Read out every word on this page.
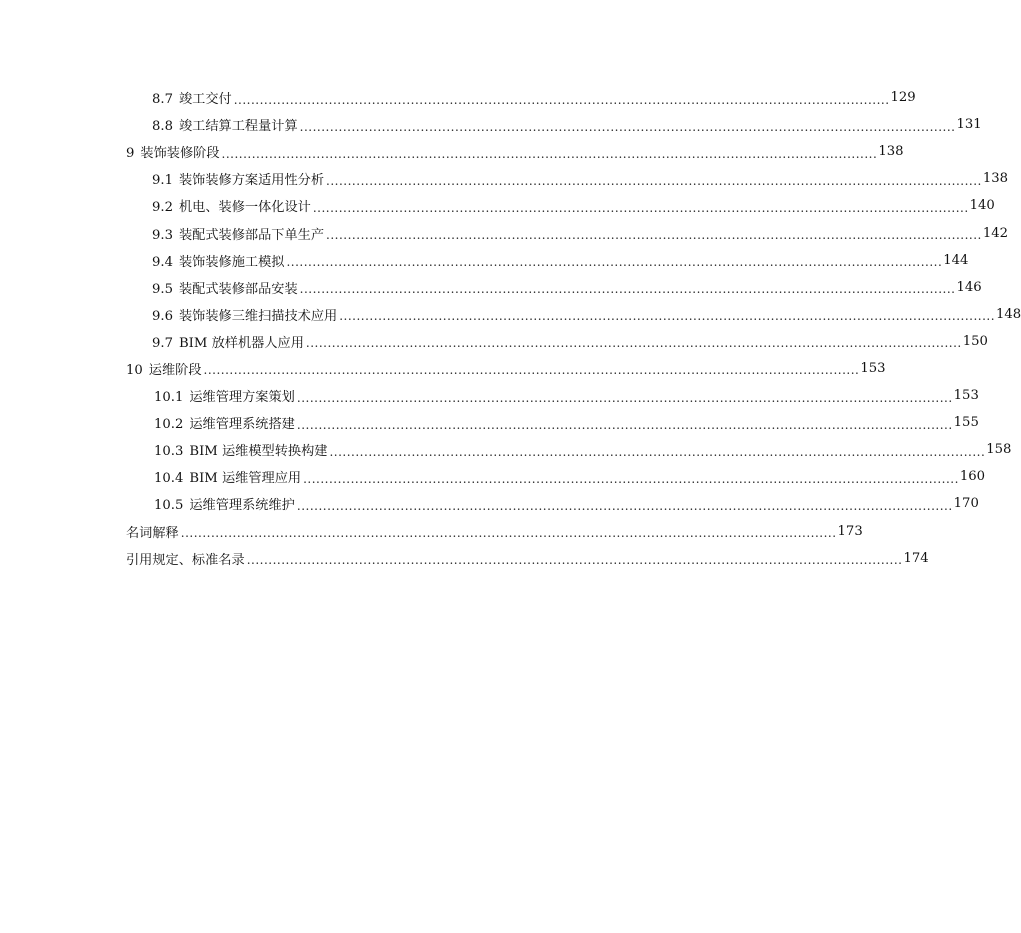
8.7 竣工交付 ........................................................................................................................................................ 129
8.8 竣工结算工程量计算 ........................................................................................................................................................ 131
9 装饰装修阶段 ........................................................................................................................................................ 138
9.1 装饰装修方案适用性分析 ........................................................................................................................................................ 138
9.2 机电、装修一体化设计 ........................................................................................................................................................ 140
9.3 装配式装修部品下单生产 ........................................................................................................................................................ 142
9.4 装饰装修施工模拟 ........................................................................................................................................................ 144
9.5 装配式装修部品安装 ........................................................................................................................................................ 146
9.6 装饰装修三维扫描技术应用 ........................................................................................................................................................ 148
9.7 BIM 放样机器人应用 ........................................................................................................................................................ 150
10 运维阶段 ........................................................................................................................................................ 153
10.1 运维管理方案策划 ........................................................................................................................................................ 153
10.2 运维管理系统搭建 ........................................................................................................................................................ 155
10.3 BIM 运维模型转换构建 ........................................................................................................................................................ 158
10.4 BIM 运维管理应用 ........................................................................................................................................................ 160
10.5 运维管理系统维护 ........................................................................................................................................................ 170
名词解释 ........................................................................................................................................................ 173
引用规定、标准名录 ........................................................................................................................................................ 174
